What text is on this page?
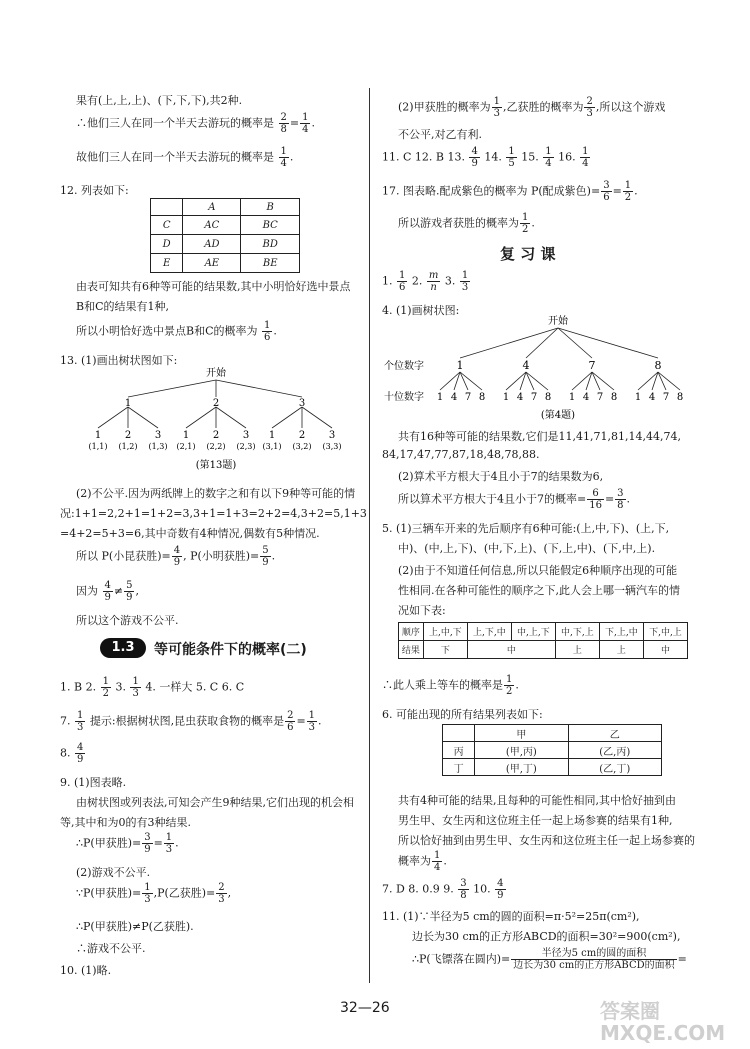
果有(上,上,上)、(下,下,下),共2种.
∴他们三人在同一个半天去游玩的概率是 $\frac{2}{8} = \frac{1}{4}$ .
故他们三人在同一个半天去游玩的概率是 $\frac{1}{4}$ .
12. 列表如下:
	A	B
C	AC	BC
D	AD	BD
E	AE	BE
由表可知共有6种等可能的结果数,其中小明恰好选中景点
B和C的结果有1种,
所以小明恰好选中景点B和C的概率为 $\frac{1}{6}$ .
13. (1)画出树状图如下:
开始
1	2	3
1 2 3 1 2 3 1 2 3
(1,1) (1,2) (1,3) (2,1) (2,2) (2,3) (3,1) (3,2) (3,3)
(第13题)
(2)不公平.因为两纸牌上的数字之和有以下9种等可能的情
况:1+1=2,2+1=1+2=3,3+1=1+3=2+2=4,3+2=5,1+3
=4+2=5+3=6,其中奇数有4种情况,偶数有5种情况.
所以 P(小昆获胜)= $\frac{4}{9}$ , P(小明获胜)= $\frac{5}{9}$ .
因为 $\frac{4}{9} \ne \frac{5}{9}$ ,
所以这个游戏不公平.
1.3	等可能条件下的概率(二)
1. B 2. $\frac{1}{2} 3$. $\frac{1}{3} 4$. 一样大 5. C 6. C
7. $\frac{1}{3}$ 提示:根据树状图,昆虫获取食物的概率是 $\frac{2}{6} = \frac{1}{3}$ .
8. $\frac{4}{9}$
9. (1)图表略.
由树状图或列表法,可知会产生9种结果,它们出现的机会相
等,其中和为0的有3种结果.
∴P(甲获胜)= $\frac{3}{9} = \frac{1}{3}$ .
(2)游戏不公平.
∵P(甲获胜)= $\frac{1}{3} ,P$(乙获胜)= $\frac{2}{3}$ ,
∴P(甲获胜)≠P(乙获胜).
∴游戏不公平.
10. (1)略.
(2)甲获胜的概率为 $\frac{1}{3}$ ,乙获胜的概率为 $\frac{2}{3}$ ,所以这个游戏
不公平,对乙有利.
11. C 12. B 13. $\frac{4}{9} 14$. $\frac{1}{5} 15$. $\frac{1}{4} 16$. $\frac{1}{4}$
17. 图表略.配成紫色的概率为 P(配成紫色)= $\frac{3}{6} = \frac{1}{2}$ .
所以游戏者获胜的概率为 $\frac{1}{2}$ .
复 习 课
1. $\frac{1}{6} 2$. $\frac{m}{n} 3$. $\frac{1}{3}$
4. (1)画树状图:
开始
个位数字
十位数字
1	4	7	8
1 4 7 8 1 4 7 8 1 4 7 8 1 4 7 8
(第4题)
共有16种等可能的结果数,它们是11,41,71,81,14,44,74,
84,17,47,77,87,18,48,78,88.
(2)算术平方根大于4且小于7的结果数为6,
所以算术平方根大于4且小于7的概率= $\frac{6}{16} = \frac{3}{8}$ .
5. (1)三辆车开来的先后顺序有6种可能:(上,中,下)、(上,下,
中)、(中,上,下)、(中,下,上)、(下,上,中)、(下,中,上).
(2)由于不知道任何信息,所以只能假定6种顺序出现的可能
性相同.在各种可能性的顺序之下,此人会上哪一辆汽车的情
况如下表:
顺序	上,中,下	上,下,中	中,上,下	中,下,上	下,上,中	下,中,上
结果	下	中		上	上	中
∴此人乘上等车的概率是 $\frac{1}{2}$ .
6. 可能出现的所有结果列表如下:
	甲	乙
丙	(甲,丙)	(乙,丙)
丁	(甲,丁)	(乙,丁)
共有4种可能的结果,且每种的可能性相同,其中恰好抽到由
男生甲、女生丙和这位班主任一起上场参赛的结果有1种,
所以恰好抽到由男生甲、女生丙和这位班主任一起上场参赛的
概率为 $\frac{1}{4}$ .
7. D 8. 0.9 9. $\frac{3}{8} 10$. $\frac{4}{9}$
11. (1)∵半径为5 cm的圆的面积=π·5²=25π(cm²),
边长为30 cm的正方形ABCD的面积=30²=900(cm²),
∴P(飞镖落在圆内)= $\frac{\text{半径为5 cm的圆的面积}}{\text{边长为30 cm的正方形ABCD的面积}}$ =
32—26	答案圈 MXQE.COM
